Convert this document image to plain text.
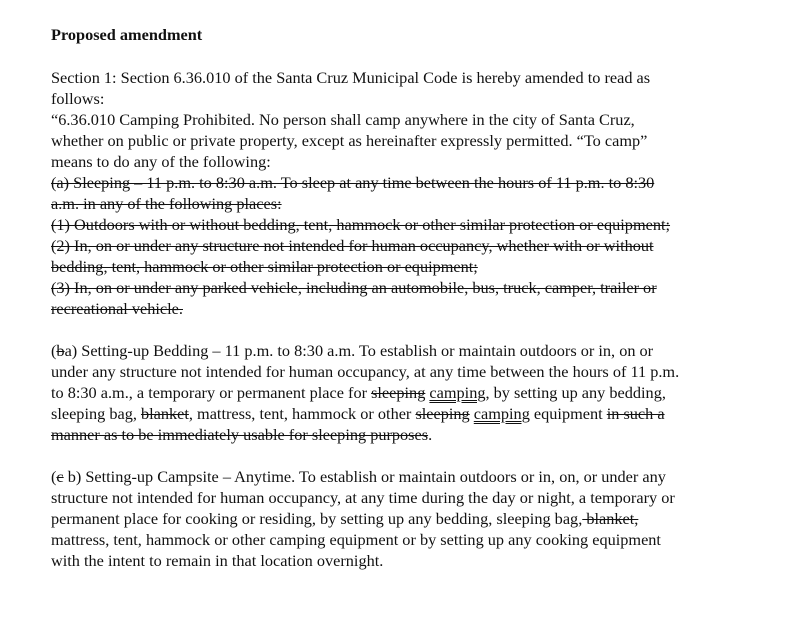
Proposed amendment
Section 1: Section 6.36.010 of the Santa Cruz Municipal Code is hereby amended to read as
follows:
“6.36.010 Camping Prohibited. No person shall camp anywhere in the city of Santa Cruz,
whether on public or private property, except as hereinafter expressly permitted. “To camp”
means to do any of the following:
(a) Sleeping – 11 p.m. to 8:30 a.m. To sleep at any time between the hours of 11 p.m. to 8:30
a.m. in any of the following places:
(1) Outdoors with or without bedding, tent, hammock or other similar protection or equipment;
(2) In, on or under any structure not intended for human occupancy, whether with or without
bedding, tent, hammock or other similar protection or equipment;
(3) In, on or under any parked vehicle, including an automobile, bus, truck, camper, trailer or
recreational vehicle.
(ba) Setting-up Bedding – 11 p.m. to 8:30 a.m. To establish or maintain outdoors or in, on or
under any structure not intended for human occupancy, at any time between the hours of 11 p.m.
to 8:30 a.m., a temporary or permanent place for sleeping camping, by setting up any bedding,
sleeping bag, blanket, mattress, tent, hammock or other sleeping camping equipment in such a
manner as to be immediately usable for sleeping purposes.
(c b) Setting-up Campsite – Anytime. To establish or maintain outdoors or in, on, or under any
structure not intended for human occupancy, at any time during the day or night, a temporary or
permanent place for cooking or residing, by setting up any bedding, sleeping bag, blanket,
mattress, tent, hammock or other camping equipment or by setting up any cooking equipment
with the intent to remain in that location overnight.
